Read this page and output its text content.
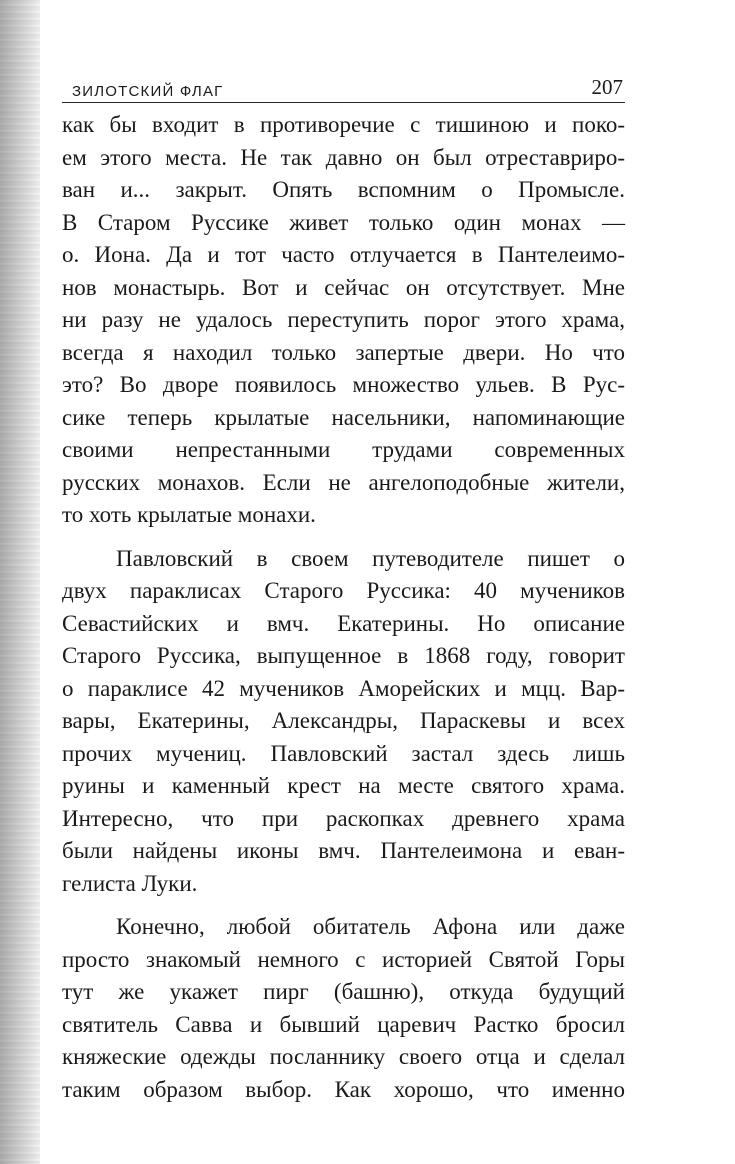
ЗИЛОТСКИЙ ФЛАГ	207

как бы входит в противоречие с тишиною и поко-

ем этого места. Не так давно он был отреставриро-

ван и... закрыт. Опять вспомним о Промысле.

В Старом Руссике живет только один монах —

о. Иона. Да и тот часто отлучается в Пантелеимо-

нов монастырь. Вот и сейчас он отсутствует. Мне

ни разу не удалось переступить порог этого храма,

всегда я находил только запертые двери. Но что

это? Во дворе появилось множество ульев. В Рус-

сике теперь крылатые насельники, напоминающие

своими непрестанными трудами современных

русских монахов. Если не ангелоподобные жители,

то хоть крылатые монахи.

Павловский в своем путеводителе пишет о

двух параклисах Старого Руссика: 40 мучеников

Севастийских и вмч. Екатерины. Но описание

Старого Руссика, выпущенное в 1868 году, говорит

о параклисе 42 мучеников Аморейских и мцц. Вар-

вары, Екатерины, Александры, Параскевы и всех

прочих мучениц. Павловский застал здесь лишь

руины и каменный крест на месте святого храма.

Интересно, что при раскопках древнего храма

были найдены иконы вмч. Пантелеимона и еван-

гелиста Луки.

Конечно, любой обитатель Афона или даже

просто знакомый немного с историей Святой Горы

тут же укажет пирг (башню), откуда будущий

святитель Савва и бывший царевич Растко бросил

княжеские одежды посланнику своего отца и сделал

таким образом выбор. Как хорошо, что именно
